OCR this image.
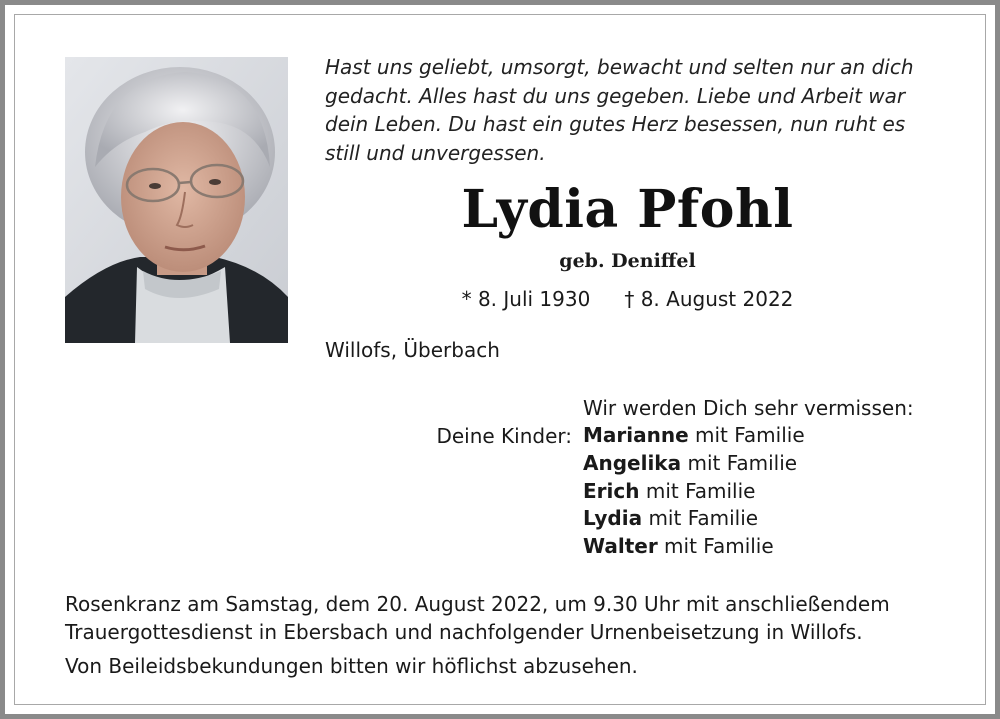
Hast uns geliebt, umsorgt, bewacht und selten nur an dich
gedacht. Alles hast du uns gegeben. Liebe und Arbeit war
dein Leben. Du hast ein gutes Herz besessen, nun ruht es
still und unvergessen.
Lydia Pfohl
geb. Deniffel
* 8. Juli 1930 † 8. August 2022
Willofs, Überbach
Wir werden Dich sehr vermissen:
Deine Kinder: Marianne mit Familie
Angelika mit Familie
Erich mit Familie
Lydia mit Familie
Walter mit Familie
Rosenkranz am Samstag, dem 20. August 2022, um 9.30 Uhr mit anschließendem
Trauergottesdienst in Ebersbach und nachfolgender Urnenbeisetzung in Willofs.
Von Beileidsbekundungen bitten wir höflichst abzusehen.
